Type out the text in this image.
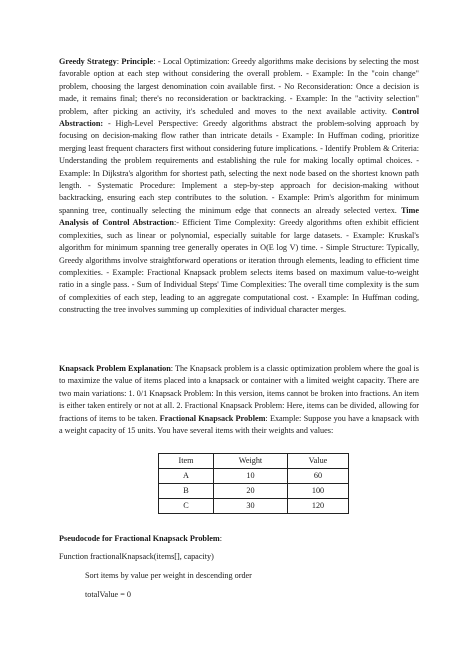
Greedy Strategy: Principle: - Local Optimization: Greedy algorithms make decisions by selecting the most favorable option at each step without considering the overall problem. - Example: In the "coin change" problem, choosing the largest denomination coin available first. - No Reconsideration: Once a decision is made, it remains final; there's no reconsideration or backtracking. - Example: In the "activity selection" problem, after picking an activity, it's scheduled and moves to the next available activity. Control Abstraction: - High-Level Perspective: Greedy algorithms abstract the problem-solving approach by focusing on decision-making flow rather than intricate details - Example: In Huffman coding, prioritize merging least frequent characters first without considering future implications. - Identify Problem & Criteria: Understanding the problem requirements and establishing the rule for making locally optimal choices. - Example: In Dijkstra's algorithm for shortest path, selecting the next node based on the shortest known path length. - Systematic Procedure: Implement a step-by-step approach for decision-making without backtracking, ensuring each step contributes to the solution. - Example: Prim's algorithm for minimum spanning tree, continually selecting the minimum edge that connects an already selected vertex. Time Analysis of Control Abstraction:- Efficient Time Complexity: Greedy algorithms often exhibit efficient complexities, such as linear or polynomial, especially suitable for large datasets. - Example: Kruskal's algorithm for minimum spanning tree generally operates in O(E log V) time. - Simple Structure: Typically, Greedy algorithms involve straightforward operations or iteration through elements, leading to efficient time complexities. - Example: Fractional Knapsack problem selects items based on maximum value-to-weight ratio in a single pass. - Sum of Individual Steps' Time Complexities: The overall time complexity is the sum of complexities of each step, leading to an aggregate computational cost. - Example: In Huffman coding, constructing the tree involves summing up complexities of individual character merges.

Knapsack Problem Explanation: The Knapsack problem is a classic optimization problem where the goal is to maximize the value of items placed into a knapsack or container with a limited weight capacity. There are two main variations: 1. 0/1 Knapsack Problem: In this version, items cannot be broken into fractions. An item is either taken entirely or not at all. 2. Fractional Knapsack Problem: Here, items can be divided, allowing for fractions of items to be taken. Fractional Knapsack Problem: Example: Suppose you have a knapsack with a weight capacity of 15 units. You have several items with their weights and values:

Item	Weight	Value
A	10	60
B	20	100
C	30	120
Pseudocode for Fractional Knapsack Problem:
Function fractionalKnapsack(items[], capacity)
Sort items by value per weight in descending order
totalValue = 0
